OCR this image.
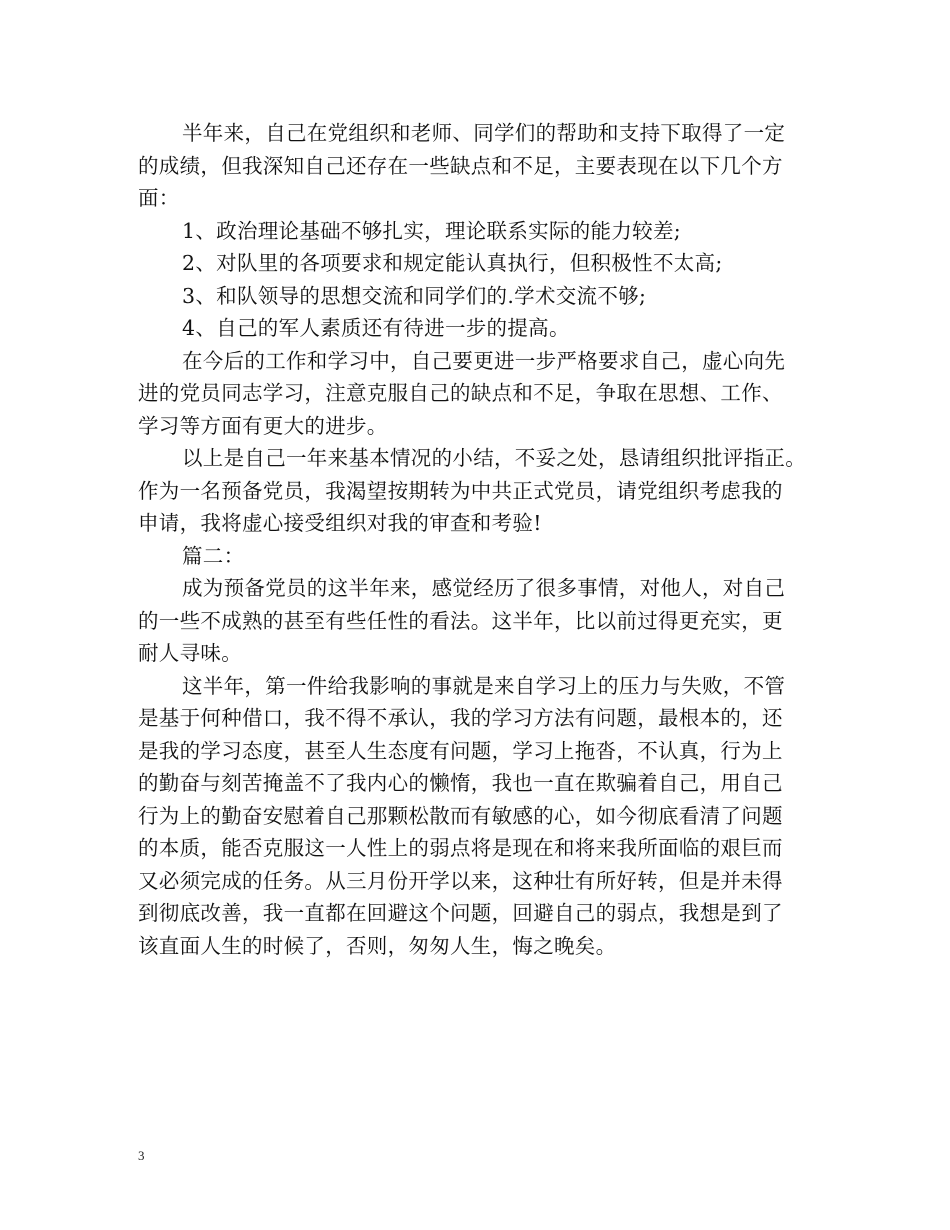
半年来，自己在党组织和老师、同学们的帮助和支持下取得了一定
的成绩，但我深知自己还存在一些缺点和不足，主要表现在以下几个方
面：
1、政治理论基础不够扎实，理论联系实际的能力较差;
2、对队里的各项要求和规定能认真执行，但积极性不太高;
3、和队领导的思想交流和同学们的.学术交流不够;
4、自己的军人素质还有待进一步的提高。
在今后的工作和学习中，自己要更进一步严格要求自己，虚心向先
进的党员同志学习，注意克服自己的缺点和不足，争取在思想、工作、
学习等方面有更大的进步。
以上是自己一年来基本情况的小结，不妥之处，恳请组织批评指正。
作为一名预备党员，我渴望按期转为中共正式党员，请党组织考虑我的
申请，我将虚心接受组织对我的审查和考验!
篇二：
成为预备党员的这半年来，感觉经历了很多事情，对他人，对自己
的一些不成熟的甚至有些任性的看法。这半年，比以前过得更充实，更
耐人寻味。
这半年，第一件给我影响的事就是来自学习上的压力与失败，不管
是基于何种借口，我不得不承认，我的学习方法有问题，最根本的，还
是我的学习态度，甚至人生态度有问题，学习上拖沓，不认真，行为上
的勤奋与刻苦掩盖不了我内心的懒惰，我也一直在欺骗着自己，用自己
行为上的勤奋安慰着自己那颗松散而有敏感的心，如今彻底看清了问题
的本质，能否克服这一人性上的弱点将是现在和将来我所面临的艰巨而
又必须完成的任务。从三月份开学以来，这种壮有所好转，但是并未得
到彻底改善，我一直都在回避这个问题，回避自己的弱点，我想是到了
该直面人生的时候了，否则，匆匆人生，悔之晚矣。
3
